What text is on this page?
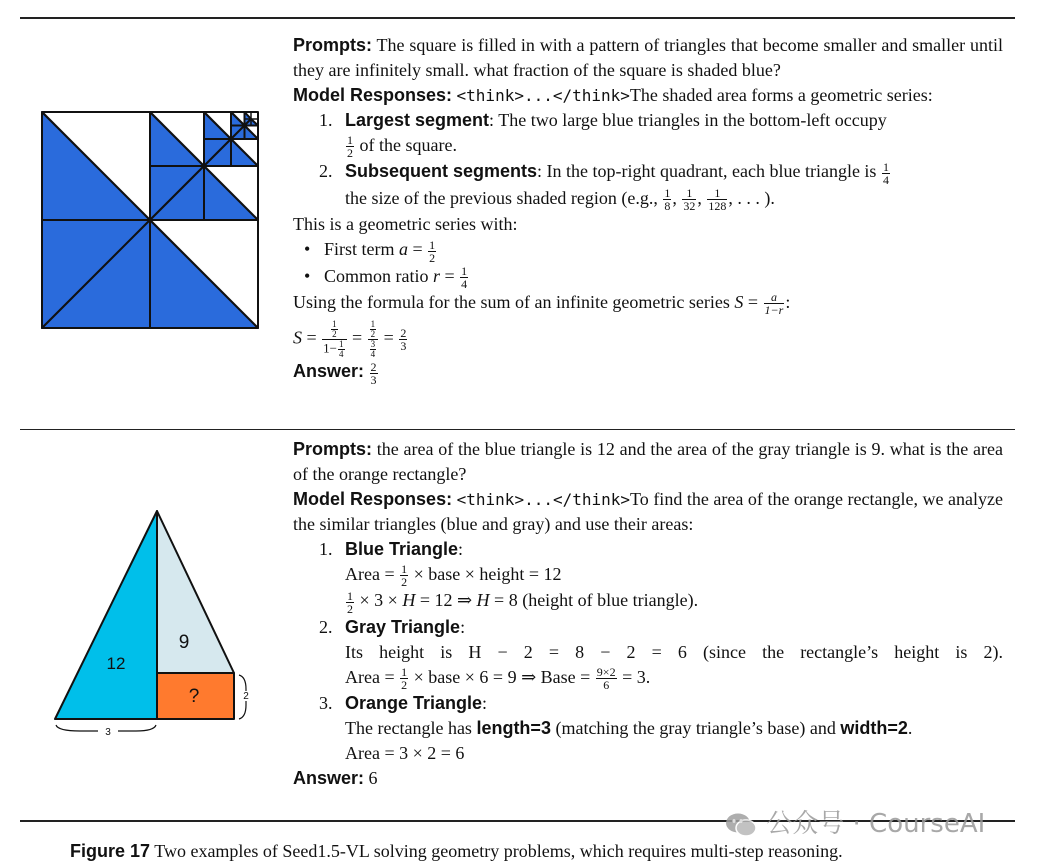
Prompts: The square is filled in with a pattern of triangles that become smaller and smaller until they are infinitely small. what fraction of the square is shaded blue?

Model Responses: <think>...</think>The shaded area forms a geometric series:

1. Largest segment: The two large blue triangles in the bottom-left occupy

$\frac{1}{2}$ of the square.
2. Subsequent segments: In the top-right quadrant, each blue triangle is $\frac{1}{4}$

the size of the previous shaded region (e.g., $\frac{1}{8}$ , $\frac{1}{32}$ , $\frac{1}{128}$ , . . . ).

This is a geometric series with:

• First term $a = \frac{1}{2}$
• Common ratio $r = \frac{1}{4}$

Using the formula for the sum of an infinite geometric series $S = \frac{a}{1-r}$ :

$S = \frac{\frac{1}{2}}{1- \frac{1}{4}} = \frac{\frac{1}{2}}{\frac{3}{4}} = \frac{2}{3}$

Answer: $\frac{2}{3}$

12
9
?
3
2

Prompts: the area of the blue triangle is 12 and the area of the gray triangle is 9. what is the area of the orange rectangle?

Model Responses: <think>...</think>To find the area of the orange rectangle, we analyze the similar triangles (blue and gray) and use their areas:

1. Blue Triangle:
Area = $\frac{1}{2}$ × base × height = 12
$\frac{1}{2} \times 3 \times H = 12$ ⇒ H = 8 (height of blue triangle).
2. Gray Triangle:
Its height is H − 2 = 8 − 2 = 6 (since the rectangle’s height is 2).
Area = $\frac{1}{2}$ × base × 6 = 9 ⇒ Base = $\frac{9\times 2}{6} = 3$.
3. Orange Triangle:
The rectangle has length=3 (matching the gray triangle’s base) and width=2.
Area = 3 × 2 = 6

Answer: 6

公众号 · CourseAI
Figure 17 Two examples of Seed1.5-VL solving geometry problems, which requires multi-step reasoning.
